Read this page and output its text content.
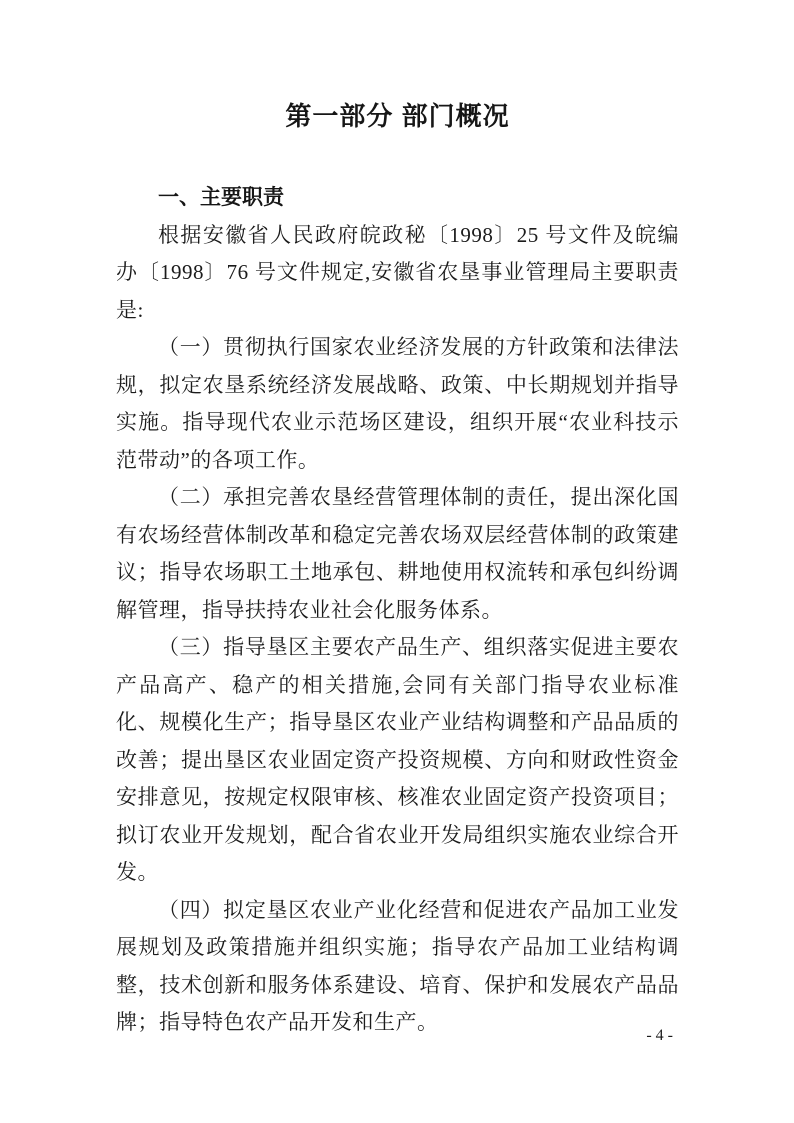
第一部分 部门概况
一、主要职责

根据安徽省人民政府皖政秘〔1998〕25 号文件及皖编办〔1998〕76 号文件规定,安徽省农垦事业管理局主要职责是:

（一）贯彻执行国家农业经济发展的方针政策和法律法规，拟定农垦系统经济发展战略、政策、中长期规划并指导实施。指导现代农业示范场区建设，组织开展“农业科技示范带动”的各项工作。

（二）承担完善农垦经营管理体制的责任，提出深化国有农场经营体制改革和稳定完善农场双层经营体制的政策建议；指导农场职工土地承包、耕地使用权流转和承包纠纷调解管理，指导扶持农业社会化服务体系。

（三）指导垦区主要农产品生产、组织落实促进主要农产品高产、稳产的相关措施,会同有关部门指导农业标准化、规模化生产；指导垦区农业产业结构调整和产品品质的改善；提出垦区农业固定资产投资规模、方向和财政性资金安排意见，按规定权限审核、核准农业固定资产投资项目；拟订农业开发规划，配合省农业开发局组织实施农业综合开发。

（四）拟定垦区农业产业化经营和促进农产品加工业发展规划及政策措施并组织实施；指导农产品加工业结构调整，技术创新和服务体系建设、培育、保护和发展农产品品牌；指导特色农产品开发和生产。

- 4 -
